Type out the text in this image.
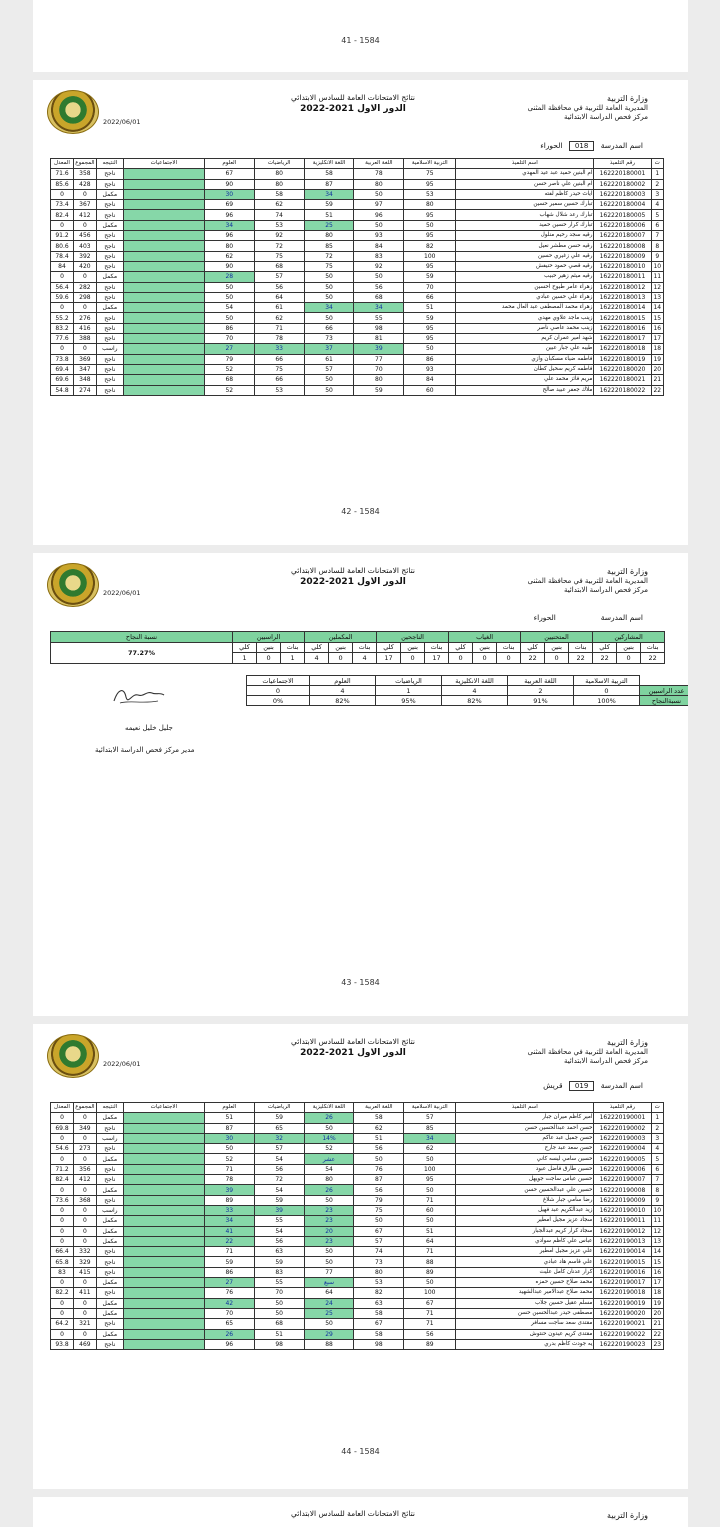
41 - 1584
2022/06/01
نتائج الامتحانات العامة للسادس الابتدائي
2022-2021 الدور الاول
وزارة التربية
المديرية العامة للتربية في محافظة المثنى
مركز فحص الدراسة الابتدائية
اسم المدرسة 018 الحوراء
ت	رقم التلميذ	اسم التلميذ	التربية الاسلامية	اللغة العربية	اللغة الانكليزية	الرياضيات	العلوم	الاجتماعيات	النتيجه	المجموع	المعدل
1	162220180001	ام البنين حميد عبد عيد المهدي	75	78	58	80	67		ناجح	358	71.6
2	162220180002	ام البنين علي ناصر حسن	95	80	87	80	90		ناجح	428	85.6
3	162220180003	اياث حيدر كاظم لفته	53	50	34	58	30		مكمل	0	0
4	162220180004	تبارك حسين سمير حسين	80	97	59	62	69		ناجح	367	73.4
5	162220180005	تبارك رعد شلال شهاب	95	96	51	74	96		ناجح	412	82.4
6	162220180006	تبارك كرار حسين حميد	50	50	25	53	34		مكمل	0	0
7	162220180007	رقيه سجد رحيم منلول	95	93	80	92	96		ناجح	456	91.2
8	162220180008	رقيه حسن مطشر نعيل	82	84	85	72	80		ناجح	403	80.6
9	162220180009	رقيه علي زغيري حسين	100	83	72	75	62		ناجح	392	78.4
10	162220180010	رقيه قصي حمود حنيفش	95	92	75	68	90		ناجح	420	84
11	162220180011	رقيه ميثم زهير حبيب	59	50	50	57	28		مكمل	0	0
12	162220180012	زهراء عامر طيوح احسين	70	56	50	56	50		ناجح	282	56.4
13	162220180013	زهراء علي حسين عبادي	66	68	50	64	50		ناجح	298	59.6
14	162220180014	زهراء محمد المصطفى عبد العال محمد	51	34	34	61	54		مكمل	0	0
15	162220180015	زينب ماجد علاوي مهدي	59	55	50	62	50		ناجح	276	55.2
16	162220180016	زينب محمد عاصي ناصر	95	98	66	71	86		ناجح	416	83.2
17	162220180017	شهد امير عمران كريم	95	81	73	78	70		ناجح	388	77.6
18	162220180018	طيبه علي جبار عبين	50	39	37	33	27		راسب	0	0
19	162220180019	فاطمه ضياء مسكبان وازي	86	77	61	66	79		ناجح	369	73.8
20	162220180020	فاطمه كريم سحيل كطان	93	70	57	75	52		ناجح	347	69.4
21	162220180021	مريم فائز محمد علي	84	80	50	66	68		ناجح	348	69.6
22	162220180022	ملاك جعفر عبيد صالح	60	59	50	53	52		ناجح	274	54.8
42 - 1584
2022/06/01
نتائج الامتحانات العامة للسادس الابتدائي
2022-2021 الدور الاول
وزارة التربية
المديرية العامة للتربية في محافظة المثنى
مركز فحص الدراسة الابتدائية
اسم المدرسة  الحوراء
المشاركين			المتحنيين			الغياب			الناجحين			المكملين			الراسبين			نسبة النجاح
بنات	بنين	كلي	بنات	بنين	كلي	بنات	بنين	كلي	بنات	بنين	كلي	بنات	بنين	كلي	بنات	بنين	كلي	77.27%
22	0	22	22	0	22	0	0	0	17	0	17	4	0	4	1	0	1	
	التربية الاسلامية	اللغة العربية	اللغة الانكليزية	الرياضيات	العلوم	الاجتماعيات
عدد الراسبين	0	2	4	1	4	0
نسبةالنجاح	100%	91%	82%	95%	82%	0%
جليل خليل نعيمه
مدير مركز فحص الدراسة الابتدائية
43 - 1584
2022/06/01
نتائج الامتحانات العامة للسادس الابتدائي
2022-2021 الدور الاول
وزارة التربية
المديرية العامة للتربية في محافظة المثنى
مركز فحص الدراسة الابتدائية
اسم المدرسة 019 قريش
ت	رقم التلميذ	اسم التلميذ	التربية الاسلامية	اللغة العربية	اللغة الانكليزية	الرياضيات	العلوم	الاجتماعيات	النتيجه	المجموع	المعدل
1	162220190001	امير كاظم ميران جبار	57	58	26	59	51		مكمل	0	0
2	162220190002	حسن احمد عبدالحسين حسن	85	62	50	65	87		ناجح	349	69.8
3	162220190003	حسن جميل عبد عاكم	34	51	14%	32	30		راسب	0	0
4	162220190004	حسن سعد عبد جارح	62	56	52	57	50		ناجح	273	54.6
5	162220190005	حسين سامي ليسه كاني	50	50	عشر	54	52		مكمل	0	0
6	162220190006	حسين طارق فاضل عبود	100	76	54	56	71		ناجح	356	71.2
7	162220190007	حسين عباس ساجت جويهل	95	87	80	72	78		ناجح	412	82.4
8	162220190008	حسين علي عبدالحسين حسن	50	56	26	54	39		مكمل	0	0
9	162220190009	رضا سامي جبار شلاغ	71	79	50	59	89		ناجح	368	73.6
10	162220190010	زيد عبدالكريم عبد فهيل	60	75	23	39	33		راسب	0	0
11	162220190011	سجاد عزيز مجيل امطير	50	50	23	55	34		مكمل	0	0
12	162220190012	سجاد كرار كريم عبدالجبار	51	67	20	54	41		مكمل	0	0
13	162220190013	عباس علي كاظم سوادي	64	57	23	56	22		مكمل	0	0
14	162220190014	علي عزيز مجيل امطير	71	74	50	63	71		ناجح	332	66.4
15	162220190015	علي قاسم هاد عبادي	88	73	50	59	59		ناجح	329	65.8
16	162220190016	كرار عدنان كامل عليث	89	80	77	83	86		ناجح	415	83
17	162220190017	محمد صلاح حسين حمزه	50	53	سبع	55	27		مكمل	0	0
18	162220190018	محمد صلاح عبدالامير عبدالشهيد	100	82	64	70	76		ناجح	411	82.2
19	162220190019	مسلم عقيل حسين جلاب	67	63	24	50	42		مكمل	0	0
20	162220190020	مصطفى حيدر عبدالحسين حسن	71	58	25	50	70		مكمل	0	0
21	162220190021	مقتدى سعد ساجت مسافر	71	67	50	68	65		ناجح	321	64.2
22	162220190022	مقتدى كريم عيدون حنتوش	56	58	29	51	26		مكمل	0	0
23	162220190023	يه جودت كاظم بدري	89	98	88	98	96		ناجح	469	93.8
44 - 1584
نتائج الامتحانات العامة للسادس الابتدائي	وزارة التربية
